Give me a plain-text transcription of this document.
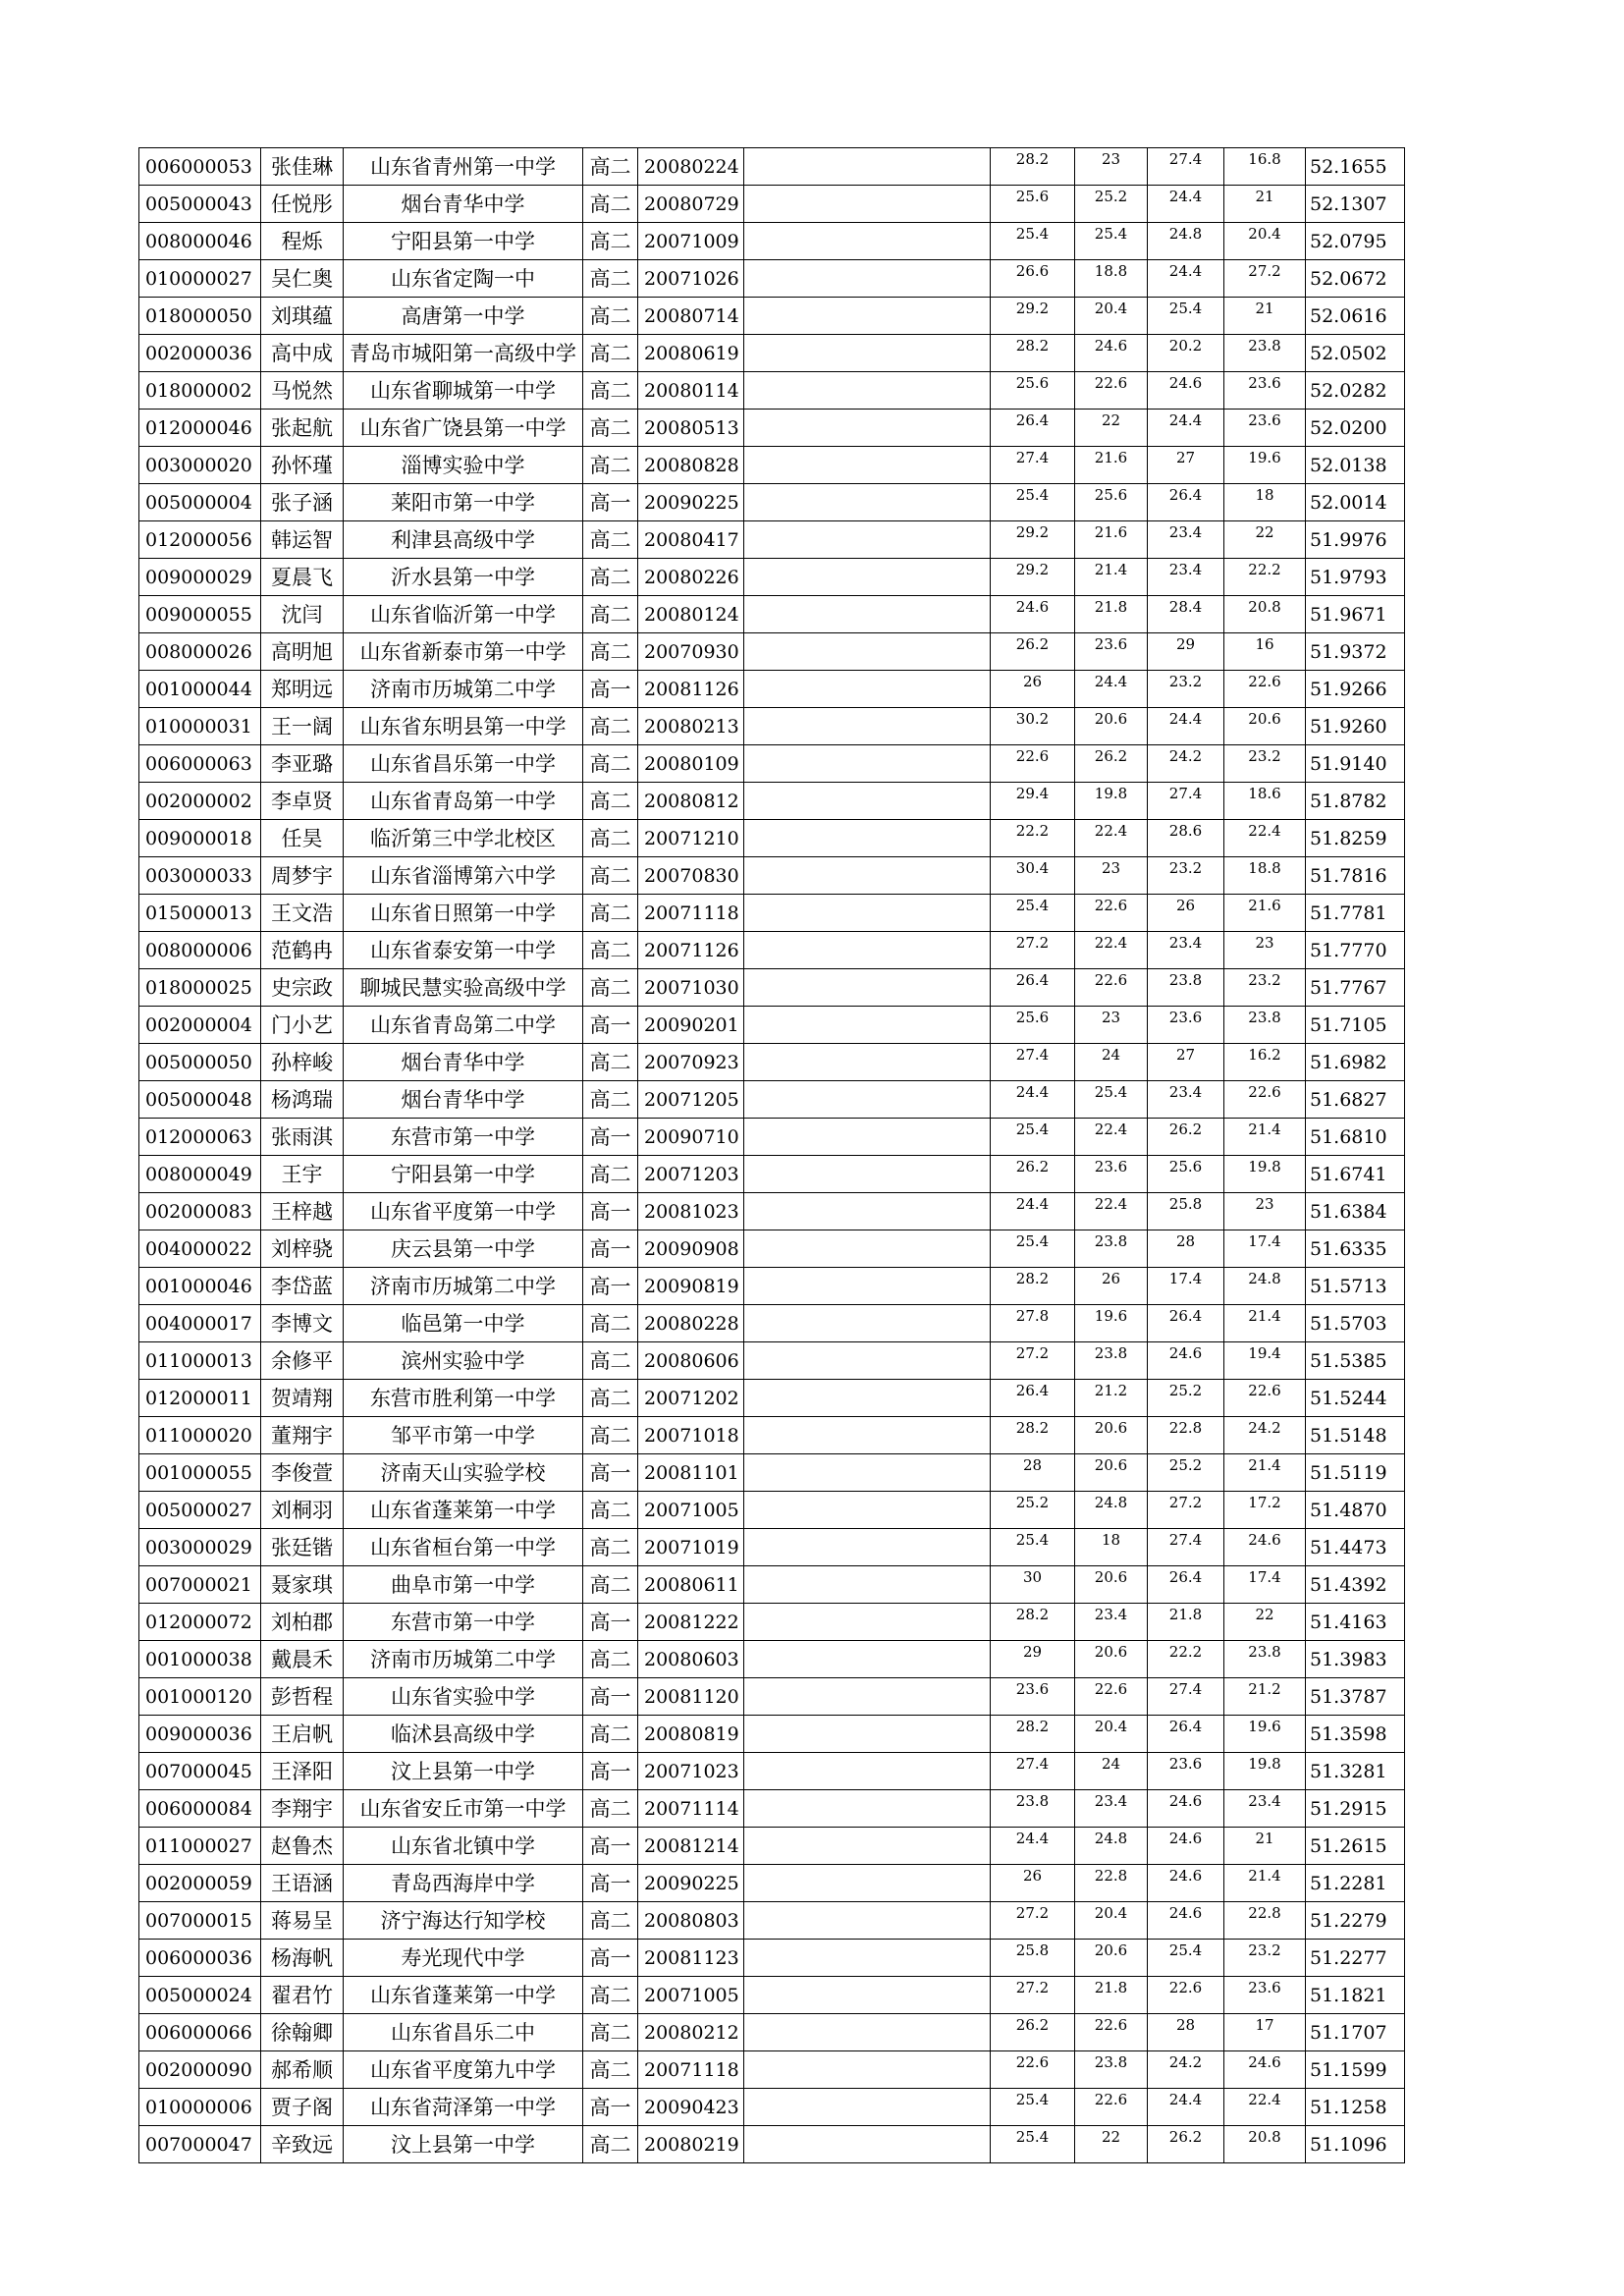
006000053	张佳琳	山东省青州第一中学	高二	20080224		28.2	23	27.4	16.8	52.1655
005000043	任悦彤	烟台青华中学	高二	20080729		25.6	25.2	24.4	21	52.1307
008000046	程烁	宁阳县第一中学	高二	20071009		25.4	25.4	24.8	20.4	52.0795
010000027	吴仁奥	山东省定陶一中	高二	20071026		26.6	18.8	24.4	27.2	52.0672
018000050	刘琪蕴	高唐第一中学	高二	20080714		29.2	20.4	25.4	21	52.0616
002000036	高中成	青岛市城阳第一高级中学	高二	20080619		28.2	24.6	20.2	23.8	52.0502
018000002	马悦然	山东省聊城第一中学	高二	20080114		25.6	22.6	24.6	23.6	52.0282
012000046	张起航	山东省广饶县第一中学	高二	20080513		26.4	22	24.4	23.6	52.0200
003000020	孙怀瑾	淄博实验中学	高二	20080828		27.4	21.6	27	19.6	52.0138
005000004	张子涵	莱阳市第一中学	高一	20090225		25.4	25.6	26.4	18	52.0014
012000056	韩运智	利津县高级中学	高二	20080417		29.2	21.6	23.4	22	51.9976
009000029	夏晨飞	沂水县第一中学	高二	20080226		29.2	21.4	23.4	22.2	51.9793
009000055	沈闫	山东省临沂第一中学	高二	20080124		24.6	21.8	28.4	20.8	51.9671
008000026	高明旭	山东省新泰市第一中学	高二	20070930		26.2	23.6	29	16	51.9372
001000044	郑明远	济南市历城第二中学	高一	20081126		26	24.4	23.2	22.6	51.9266
010000031	王一阔	山东省东明县第一中学	高二	20080213		30.2	20.6	24.4	20.6	51.9260
006000063	李亚璐	山东省昌乐第一中学	高二	20080109		22.6	26.2	24.2	23.2	51.9140
002000002	李卓贤	山东省青岛第一中学	高二	20080812		29.4	19.8	27.4	18.6	51.8782
009000018	任昊	临沂第三中学北校区	高二	20071210		22.2	22.4	28.6	22.4	51.8259
003000033	周梦宇	山东省淄博第六中学	高二	20070830		30.4	23	23.2	18.8	51.7816
015000013	王文浩	山东省日照第一中学	高二	20071118		25.4	22.6	26	21.6	51.7781
008000006	范鹤冉	山东省泰安第一中学	高二	20071126		27.2	22.4	23.4	23	51.7770
018000025	史宗政	聊城民慧实验高级中学	高二	20071030		26.4	22.6	23.8	23.2	51.7767
002000004	门小艺	山东省青岛第二中学	高一	20090201		25.6	23	23.6	23.8	51.7105
005000050	孙梓峻	烟台青华中学	高二	20070923		27.4	24	27	16.2	51.6982
005000048	杨鸿瑞	烟台青华中学	高二	20071205		24.4	25.4	23.4	22.6	51.6827
012000063	张雨淇	东营市第一中学	高一	20090710		25.4	22.4	26.2	21.4	51.6810
008000049	王宇	宁阳县第一中学	高二	20071203		26.2	23.6	25.6	19.8	51.6741
002000083	王梓越	山东省平度第一中学	高一	20081023		24.4	22.4	25.8	23	51.6384
004000022	刘梓骁	庆云县第一中学	高一	20090908		25.4	23.8	28	17.4	51.6335
001000046	李岱蓝	济南市历城第二中学	高一	20090819		28.2	26	17.4	24.8	51.5713
004000017	李博文	临邑第一中学	高二	20080228		27.8	19.6	26.4	21.4	51.5703
011000013	余修平	滨州实验中学	高二	20080606		27.2	23.8	24.6	19.4	51.5385
012000011	贺靖翔	东营市胜利第一中学	高二	20071202		26.4	21.2	25.2	22.6	51.5244
011000020	董翔宇	邹平市第一中学	高二	20071018		28.2	20.6	22.8	24.2	51.5148
001000055	李俊萱	济南天山实验学校	高一	20081101		28	20.6	25.2	21.4	51.5119
005000027	刘桐羽	山东省蓬莱第一中学	高二	20071005		25.2	24.8	27.2	17.2	51.4870
003000029	张廷锴	山东省桓台第一中学	高二	20071019		25.4	18	27.4	24.6	51.4473
007000021	聂家琪	曲阜市第一中学	高二	20080611		30	20.6	26.4	17.4	51.4392
012000072	刘柏郡	东营市第一中学	高一	20081222		28.2	23.4	21.8	22	51.4163
001000038	戴晨禾	济南市历城第二中学	高二	20080603		29	20.6	22.2	23.8	51.3983
001000120	彭哲程	山东省实验中学	高一	20081120		23.6	22.6	27.4	21.2	51.3787
009000036	王启帆	临沭县高级中学	高二	20080819		28.2	20.4	26.4	19.6	51.3598
007000045	王泽阳	汶上县第一中学	高一	20071023		27.4	24	23.6	19.8	51.3281
006000084	李翔宇	山东省安丘市第一中学	高二	20071114		23.8	23.4	24.6	23.4	51.2915
011000027	赵鲁杰	山东省北镇中学	高一	20081214		24.4	24.8	24.6	21	51.2615
002000059	王语涵	青岛西海岸中学	高一	20090225		26	22.8	24.6	21.4	51.2281
007000015	蒋易呈	济宁海达行知学校	高二	20080803		27.2	20.4	24.6	22.8	51.2279
006000036	杨海帆	寿光现代中学	高一	20081123		25.8	20.6	25.4	23.2	51.2277
005000024	翟君竹	山东省蓬莱第一中学	高二	20071005		27.2	21.8	22.6	23.6	51.1821
006000066	徐翰卿	山东省昌乐二中	高二	20080212		26.2	22.6	28	17	51.1707
002000090	郝希顺	山东省平度第九中学	高二	20071118		22.6	23.8	24.2	24.6	51.1599
010000006	贾子阁	山东省菏泽第一中学	高一	20090423		25.4	22.6	24.4	22.4	51.1258
007000047	辛致远	汶上县第一中学	高二	20080219		25.4	22	26.2	20.8	51.1096
